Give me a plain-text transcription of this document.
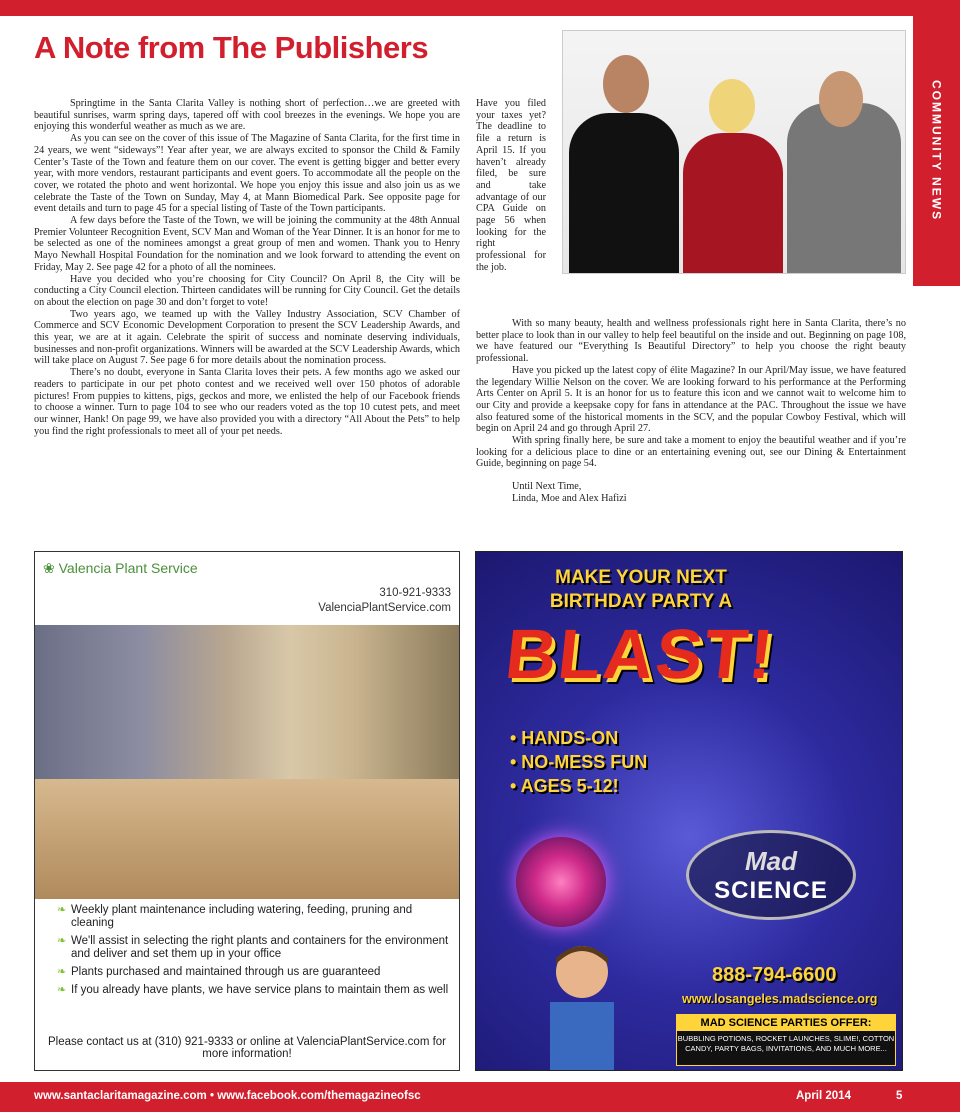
COMMUNITY NEWS
A Note from The Publishers

Springtime in the Santa Clarita Valley is nothing short of perfection…we are greeted with beautiful sunrises, warm spring days, tapered off with cool breezes in the evenings. We hope you are enjoying this wonderful weather as much as we are.

As you can see on the cover of this issue of The Magazine of Santa Clarita, for the first time in 24 years, we went “sideways”! Year after year, we are always excited to sponsor the Child & Family Center’s Taste of the Town and feature them on our cover. The event is getting bigger and better every year, with more vendors, restaurant participants and event goers. To accommodate all the people on the cover, we rotated the photo and went horizontal. We hope you enjoy this issue and also join us as we celebrate the Taste of the Town on Sunday, May 4, at Mann Biomedical Park. See opposite page for event details and turn to page 45 for a special listing of Taste of the Town participants.

A few days before the Taste of the Town, we will be joining the community at the 48th Annual Premier Volunteer Recognition Event, SCV Man and Woman of the Year Dinner. It is an honor for me to be selected as one of the nominees amongst a great group of men and women. Thank you to Henry Mayo Newhall Hospital Foundation for the nomination and we look forward to attending the event on Friday, May 2. See page 42 for a photo of all the nominees.

Have you decided who you’re choosing for City Council? On April 8, the City will be conducting a City Council election. Thirteen candidates will be running for City Council. Get the details on about the election on page 30 and don’t forget to vote!

Two years ago, we teamed up with the Valley Industry Association, SCV Chamber of Commerce and SCV Economic Development Corporation to present the SCV Leadership Awards, and this year, we are at it again. Celebrate the spirit of success and nominate deserving individuals, businesses and non-profit organizations. Winners will be awarded at the SCV Leadership Awards, which will take place on August 7. See page 6 for more details about the nomination process.

There’s no doubt, everyone in Santa Clarita loves their pets. A few months ago we asked our readers to participate in our pet photo contest and we received well over 150 photos of adorable pictures! From puppies to kittens, pigs, geckos and more, we enlisted the help of our Facebook friends to choose a winner. Turn to page 104 to see who our readers voted as the top 10 cutest pets, and meet our winner, Hank! On page 99, we have also provided you with a directory “All About the Pets” to help you find the right professionals to meet all of your pet needs.

Have you filed your taxes yet? The deadline to file a return is April 15. If you haven’t already filed, be sure and take advantage of our CPA Guide on page 56 when looking for the right professional for the job.

With so many beauty, health and wellness professionals right here in Santa Clarita, there’s no better place to look than in our valley to help feel beautiful on the inside and out. Beginning on page 108, we have featured our “Everything Is Beautiful Directory” to help you choose the right beauty professional.

Have you picked up the latest copy of élite Magazine? In our April/May issue, we have featured the legendary Willie Nelson on the cover. We are looking forward to his performance at the Performing Arts Center on April 5. It is an honor for us to feature this icon and we cannot wait to welcome him to our City and provide a keepsake copy for fans in attendance at the PAC. Throughout the issue we have also featured some of the historical moments in the SCV, and the popular Cowboy Festival, which will begin on April 24 and go through April 27.

With spring finally here, be sure and take a moment to enjoy the beautiful weather and if you’re looking for a delicious place to dine or an entertaining evening out, see our Dining & Entertainment Guide, beginning on page 54.

Until Next Time,

Linda, Moe and Alex Hafizi

❀ Valencia Plant Service
310-921-9333
ValenciaPlantService.com
❧ Weekly plant maintenance including watering, feeding, pruning and cleaning
❧ We'll assist in selecting the right plants and containers for the environment and deliver and set them up in your office
❧ Plants purchased and maintained through us are guaranteed
❧ If you already have plants, we have service plans to maintain them as well
Please contact us at (310) 921-9333 or online at ValenciaPlantService.com for more information!
MAKE YOUR NEXT BIRTHDAY PARTY A
BLAST!
• HANDS-ON
• NO-MESS FUN
• AGES 5-12!
Mad
SCIENCE
888-794-6600
www.losangeles.madscience.org
MAD SCIENCE PARTIES OFFER:
BUBBLING POTIONS, ROCKET LAUNCHES, SLIME!, COTTON CANDY, PARTY BAGS, INVITATIONS, AND MUCH MORE...
www.santaclaritamagazine.com • www.facebook.com/themagazineofsc	April 2014	5
